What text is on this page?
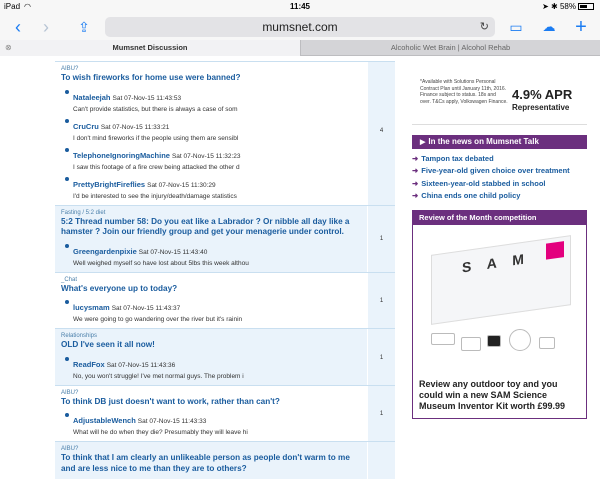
iPad ◠	11:45	➤ ✱ 58%
‹	›	⇪	mumsnet.com	↻	▭	☁ +
⊗	Mumsnet Discussion	Alcoholic Wet Brain | Alcohol Rehab
AIBU?
To wish fireworks for home use were banned?
Nataleejah Sat 07-Nov-15 11:43:53
Can't provide statistics, but there is always a case of som
CruCru Sat 07-Nov-15 11:33:21
I don't mind fireworks if the people using them are sensibl
TelephoneIgnoringMachine Sat 07-Nov-15 11:32:23
I saw this footage of a fire crew being attacked the other d
PrettyBrightFireflies Sat 07-Nov-15 11:30:29
I'd be interested to see the injury/death/damage statistics
4
Fasting / 5:2 diet
5:2 Thread number 58: Do you eat like a Labrador ? Or nibble all day like a hamster ? Join our friendly group and get your menagerie under control.
Greengardenpixie Sat 07-Nov-15 11:43:40
Well weighed myself so have lost about 5lbs this week althou
1
_Chat
What's everyone up to today?
lucysmam Sat 07-Nov-15 11:43:37
We were going to go wandering over the river but it's rainin
1
Relationships
OLD I've seen it all now!
ReadFox Sat 07-Nov-15 11:43:36
No, you won't struggle! I've met normal guys. The problem i
1
AIBU?
To think DB just doesn't want to work, rather than can't?
AdjustableWench Sat 07-Nov-15 11:43:33
What will he do when they die? Presumably they will leave hi
1
AIBU?
To think that I am clearly an unlikeable person as people don't warm to me and are less nice to me than they are to others?
*Available with Solutions Personal Contract Plan until January 11th, 2016. Finance subject to status. 18s and over. T&Cs apply, Volkswagen Finance. 4.9% APR
Representative
▶ In the news on Mumsnet Talk
➜ Tampon tax debated
➜ Five-year-old given choice over treatment
➜ Sixteen-year-old stabbed in school
➜ China ends one child policy
Review of the Month competition
S A M
Review any outdoor toy and you could win a new SAM Science Museum Inventor Kit worth £99.99
